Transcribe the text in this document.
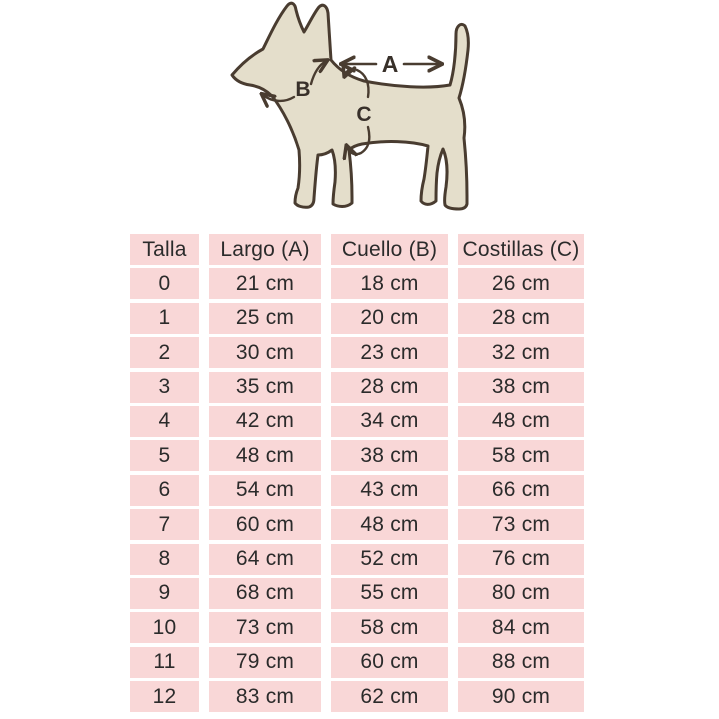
A
B
C
Talla	Largo (A)	Cuello (B)	Costillas (C)
0	21 cm	18 cm	26 cm
1	25 cm	20 cm	28 cm
2	30 cm	23 cm	32 cm
3	35 cm	28 cm	38 cm
4	42 cm	34 cm	48 cm
5	48 cm	38 cm	58 cm
6	54 cm	43 cm	66 cm
7	60 cm	48 cm	73 cm
8	64 cm	52 cm	76 cm
9	68 cm	55 cm	80 cm
10	73 cm	58 cm	84 cm
11	79 cm	60 cm	88 cm
12	83 cm	62 cm	90 cm
